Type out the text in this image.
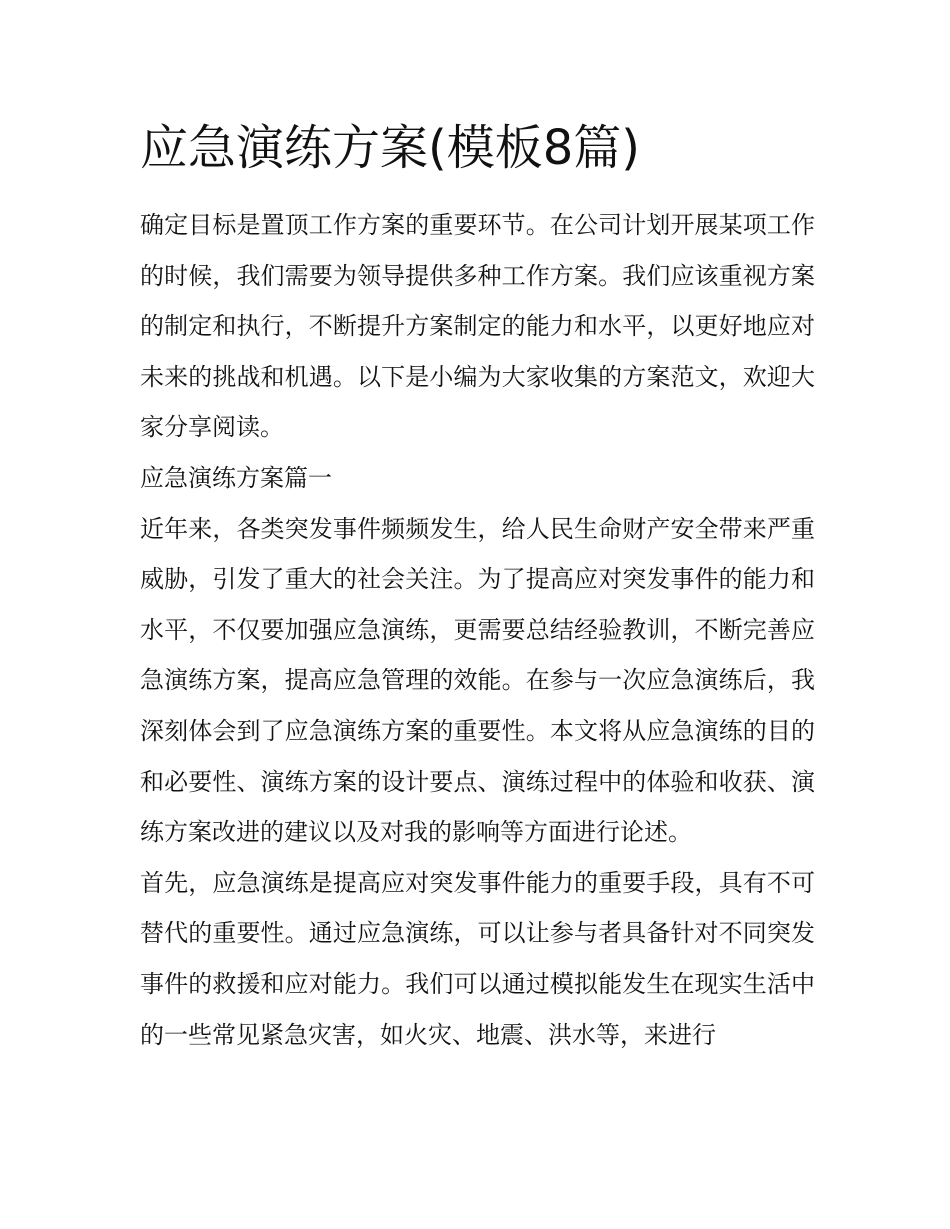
应急演练方案(模板8篇)

确定目标是置顶工作方案的重要环节。在公司计划开展某项工作的时候，我们需要为领导提供多种工作方案。我们应该重视方案的制定和执行，不断提升方案制定的能力和水平，以更好地应对未来的挑战和机遇。以下是小编为大家收集的方案范文，欢迎大家分享阅读。

应急演练方案篇一

近年来，各类突发事件频频发生，给人民生命财产安全带来严重威胁，引发了重大的社会关注。为了提高应对突发事件的能力和水平，不仅要加强应急演练，更需要总结经验教训，不断完善应急演练方案，提高应急管理的效能。在参与一次应急演练后，我深刻体会到了应急演练方案的重要性。本文将从应急演练的目的和必要性、演练方案的设计要点、演练过程中的体验和收获、演练方案改进的建议以及对我的影响等方面进行论述。

首先，应急演练是提高应对突发事件能力的重要手段，具有不可替代的重要性。通过应急演练，可以让参与者具备针对不同突发事件的救援和应对能力。我们可以通过模拟能发生在现实生活中的一些常见紧急灾害，如火灾、地震、洪水等，来进行
